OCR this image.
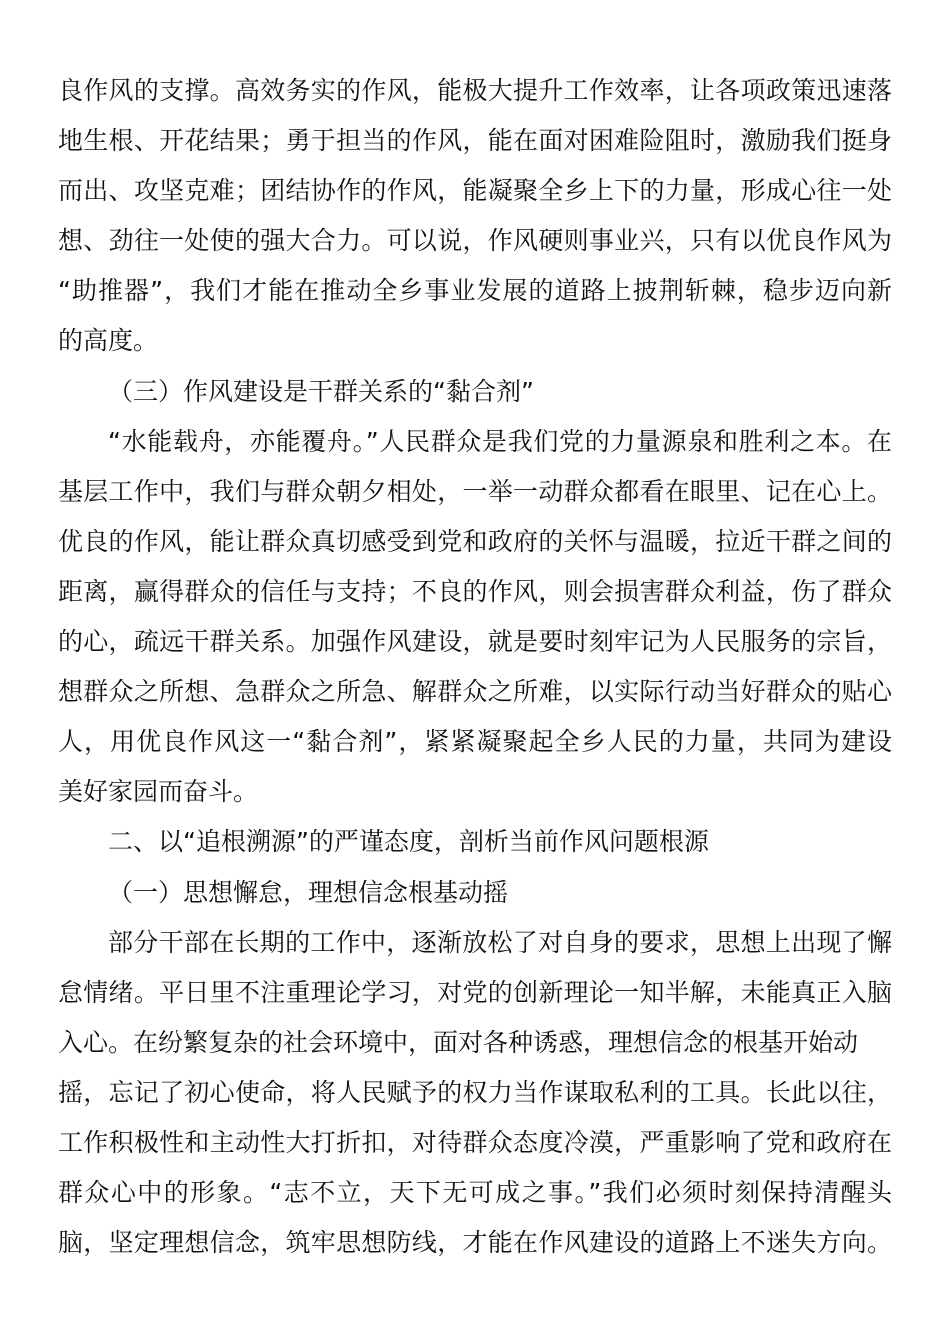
良作风的支撑。高效务实的作风，能极大提升工作效率，让各项政策迅速落
地生根、开花结果；勇于担当的作风，能在面对困难险阻时，激励我们挺身
而出、攻坚克难；团结协作的作风，能凝聚全乡上下的力量，形成心往一处
想、劲往一处使的强大合力。可以说，作风硬则事业兴，只有以优良作风为
“助推器”，我们才能在推动全乡事业发展的道路上披荆斩棘，稳步迈向新
的高度。
（三）作风建设是干群关系的“黏合剂”
“水能载舟，亦能覆舟。”人民群众是我们党的力量源泉和胜利之本。在
基层工作中，我们与群众朝夕相处，一举一动群众都看在眼里、记在心上。
优良的作风，能让群众真切感受到党和政府的关怀与温暖，拉近干群之间的
距离，赢得群众的信任与支持；不良的作风，则会损害群众利益，伤了群众
的心，疏远干群关系。加强作风建设，就是要时刻牢记为人民服务的宗旨，
想群众之所想、急群众之所急、解群众之所难，以实际行动当好群众的贴心
人，用优良作风这一“黏合剂”，紧紧凝聚起全乡人民的力量，共同为建设
美好家园而奋斗。
二、以“追根溯源”的严谨态度，剖析当前作风问题根源
（一）思想懈怠，理想信念根基动摇
部分干部在长期的工作中，逐渐放松了对自身的要求，思想上出现了懈
怠情绪。平日里不注重理论学习，对党的创新理论一知半解，未能真正入脑
入心。在纷繁复杂的社会环境中，面对各种诱惑，理想信念的根基开始动
摇，忘记了初心使命，将人民赋予的权力当作谋取私利的工具。长此以往，
工作积极性和主动性大打折扣，对待群众态度冷漠，严重影响了党和政府在
群众心中的形象。“志不立，天下无可成之事。”我们必须时刻保持清醒头
脑，坚定理想信念，筑牢思想防线，才能在作风建设的道路上不迷失方向。
